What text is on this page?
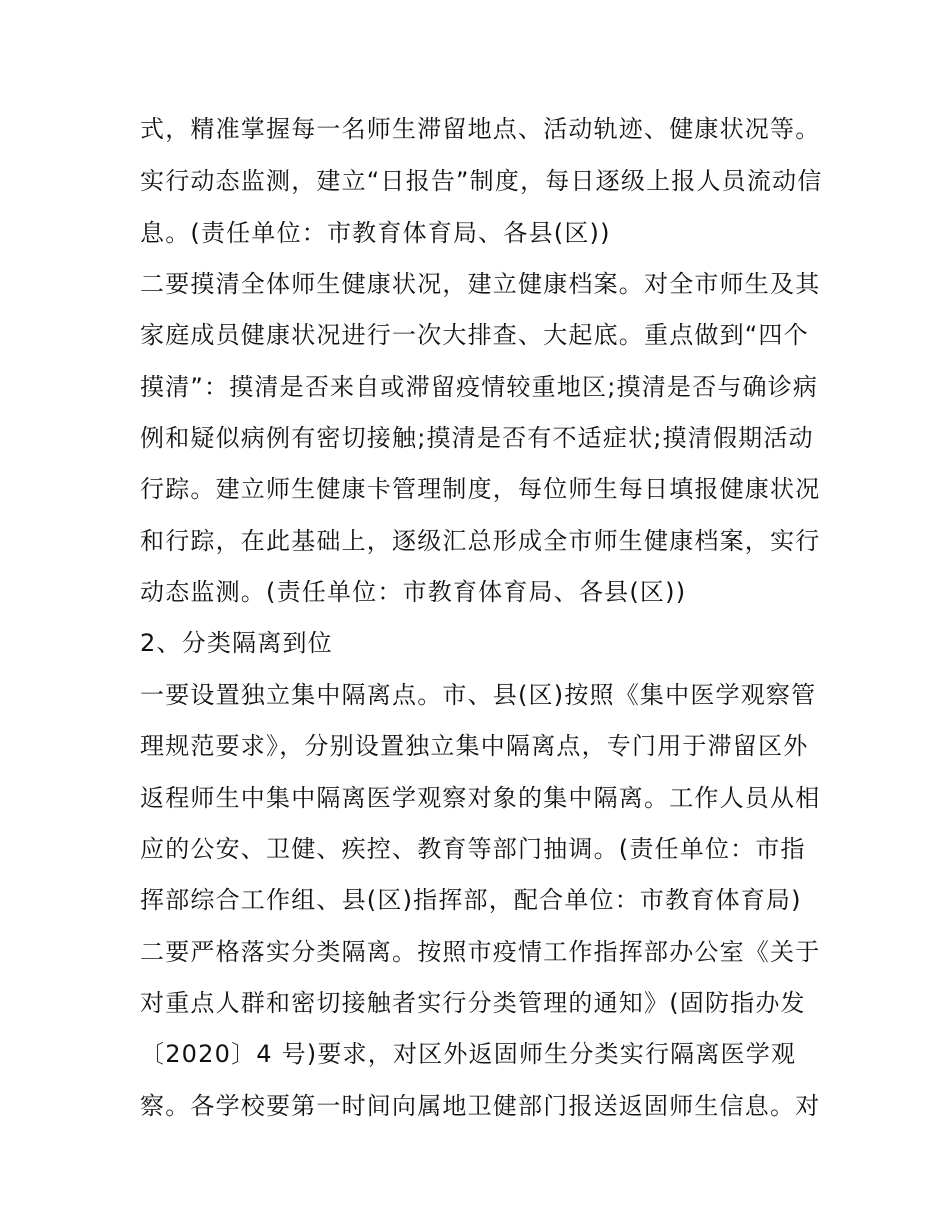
式，精准掌握每一名师生滞留地点、活动轨迹、健康状况等。
实行动态监测，建立“日报告”制度，每日逐级上报人员流动信
息。(责任单位：市教育体育局、各县(区))
二要摸清全体师生健康状况，建立健康档案。对全市师生及其
家庭成员健康状况进行一次大排查、大起底。重点做到“四个
摸清”：摸清是否来自或滞留疫情较重地区;摸清是否与确诊病
例和疑似病例有密切接触;摸清是否有不适症状;摸清假期活动
行踪。建立师生健康卡管理制度，每位师生每日填报健康状况
和行踪，在此基础上，逐级汇总形成全市师生健康档案，实行
动态监测。(责任单位：市教育体育局、各县(区))
2、分类隔离到位
一要设置独立集中隔离点。市、县(区)按照《集中医学观察管
理规范要求》，分别设置独立集中隔离点，专门用于滞留区外
返程师生中集中隔离医学观察对象的集中隔离。工作人员从相
应的公安、卫健、疾控、教育等部门抽调。(责任单位：市指
挥部综合工作组、县(区)指挥部，配合单位：市教育体育局)
二要严格落实分类隔离。按照市疫情工作指挥部办公室《关于
对重点人群和密切接触者实行分类管理的通知》(固防指办发
〔2020〕4 号)要求，对区外返固师生分类实行隔离医学观
察。各学校要第一时间向属地卫健部门报送返固师生信息。对
